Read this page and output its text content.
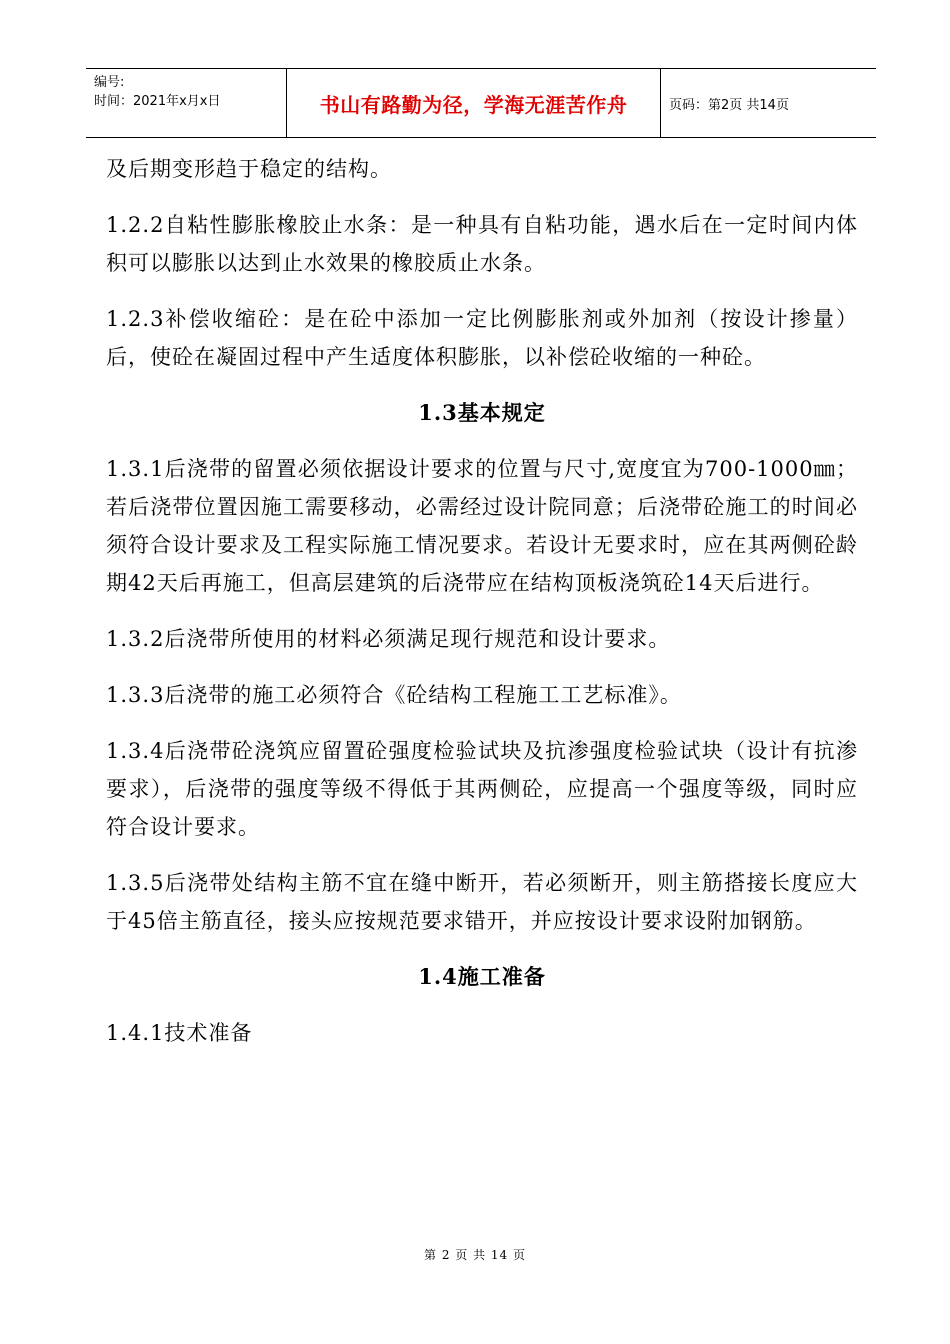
编号:
时间：2021年x月x日	书山有路勤为径，学海无涯苦作舟	页码：第2页 共14页

及后期变形趋于稳定的结构。

1.2.2自粘性膨胀橡胶止水条：是一种具有自粘功能，遇水后在一定时间内体积可以膨胀以达到止水效果的橡胶质止水条。

1.2.3补偿收缩砼：是在砼中添加一定比例膨胀剂或外加剂（按设计掺量）后，使砼在凝固过程中产生适度体积膨胀，以补偿砼收缩的一种砼。

1.3基本规定

1.3.1后浇带的留置必须依据设计要求的位置与尺寸,宽度宜为700-1000㎜；若后浇带位置因施工需要移动，必需经过设计院同意；后浇带砼施工的时间必须符合设计要求及工程实际施工情况要求。若设计无要求时，应在其两侧砼龄期42天后再施工，但高层建筑的后浇带应在结构顶板浇筑砼14天后进行。

1.3.2后浇带所使用的材料必须满足现行规范和设计要求。

1.3.3后浇带的施工必须符合《砼结构工程施工工艺标准》。

1.3.4后浇带砼浇筑应留置砼强度检验试块及抗渗强度检验试块（设计有抗渗要求），后浇带的强度等级不得低于其两侧砼，应提高一个强度等级，同时应符合设计要求。

1.3.5后浇带处结构主筋不宜在缝中断开，若必须断开，则主筋搭接长度应大于45倍主筋直径，接头应按规范要求错开，并应按设计要求设附加钢筋。

1.4施工准备

1.4.1技术准备

第 2 页 共 14 页
